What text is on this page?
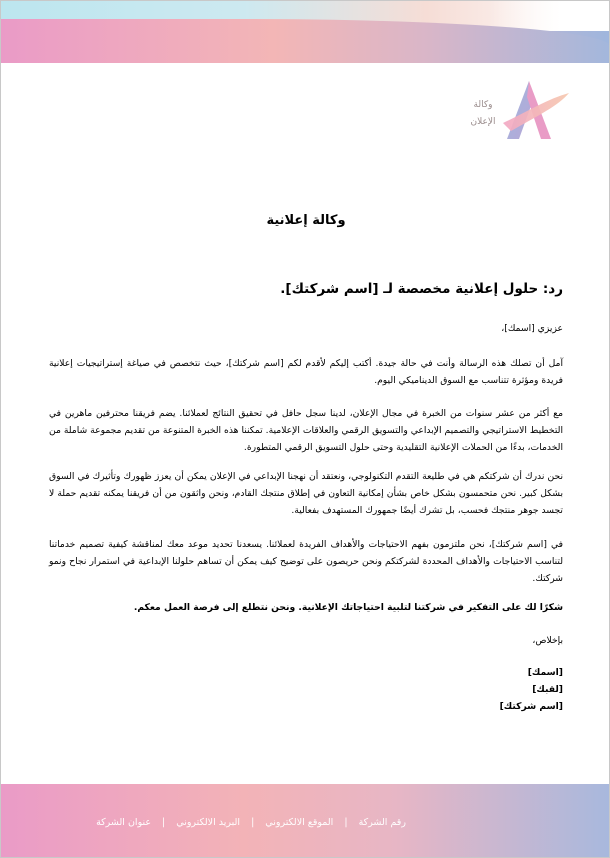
وكالة
الإعلان
وكالة إعلانية
رد: حلول إعلانية مخصصة لـ [اسم شركتك].
عزيزي [اسمك]،
آمل أن تصلك هذه الرسالة وأنت في حالة جيدة. أكتب إليكم لأقدم لكم [اسم شركتك]، حيث نتخصص في صياغة إستراتيجيات إعلانية فريدة ومؤثرة تتناسب مع السوق الديناميكي اليوم.
مع أكثر من عشر سنوات من الخبرة في مجال الإعلان، لدينا سجل حافل في تحقيق النتائج لعملائنا. يضم فريقنا محترفين ماهرين في التخطيط الاستراتيجي والتصميم الإبداعي والتسويق الرقمي والعلاقات الإعلامية. تمكننا هذه الخبرة المتنوعة من تقديم مجموعة شاملة من الخدمات، بدءًا من الحملات الإعلانية التقليدية وحتى حلول التسويق الرقمي المتطورة.
نحن ندرك أن شركتكم هي في طليعة التقدم التكنولوجي، ونعتقد أن نهجنا الإبداعي في الإعلان يمكن أن يعزز ظهورك وتأثيرك في السوق بشكل كبير. نحن متحمسون بشكل خاص بشأن إمكانية التعاون في إطلاق منتجك القادم، ونحن واثقون من أن فريقنا يمكنه تقديم حملة لا تجسد جوهر منتجك فحسب، بل تشرك أيضًا جمهورك المستهدف بفعالية.
في [اسم شركتك]، نحن ملتزمون بفهم الاحتياجات والأهداف الفريدة لعملائنا. يسعدنا تحديد موعد معك لمناقشة كيفية تصميم خدماتنا لتناسب الاحتياجات والأهداف المحددة لشركتكم ونحن حريصون على توضيح كيف يمكن أن تساهم حلولنا الإبداعية في استمرار نجاح ونمو شركتك.
شكرًا لك على التفكير في شركتنا لتلبية احتياجاتك الإعلانية. ونحن نتطلع إلى فرصة العمل معكم.
بإخلاص،
[اسمك]
[لقبك]
[اسم شركتك]
رقم الشركة | الموقع الالكتروني | البريد الالكتروني | عنوان الشركة
